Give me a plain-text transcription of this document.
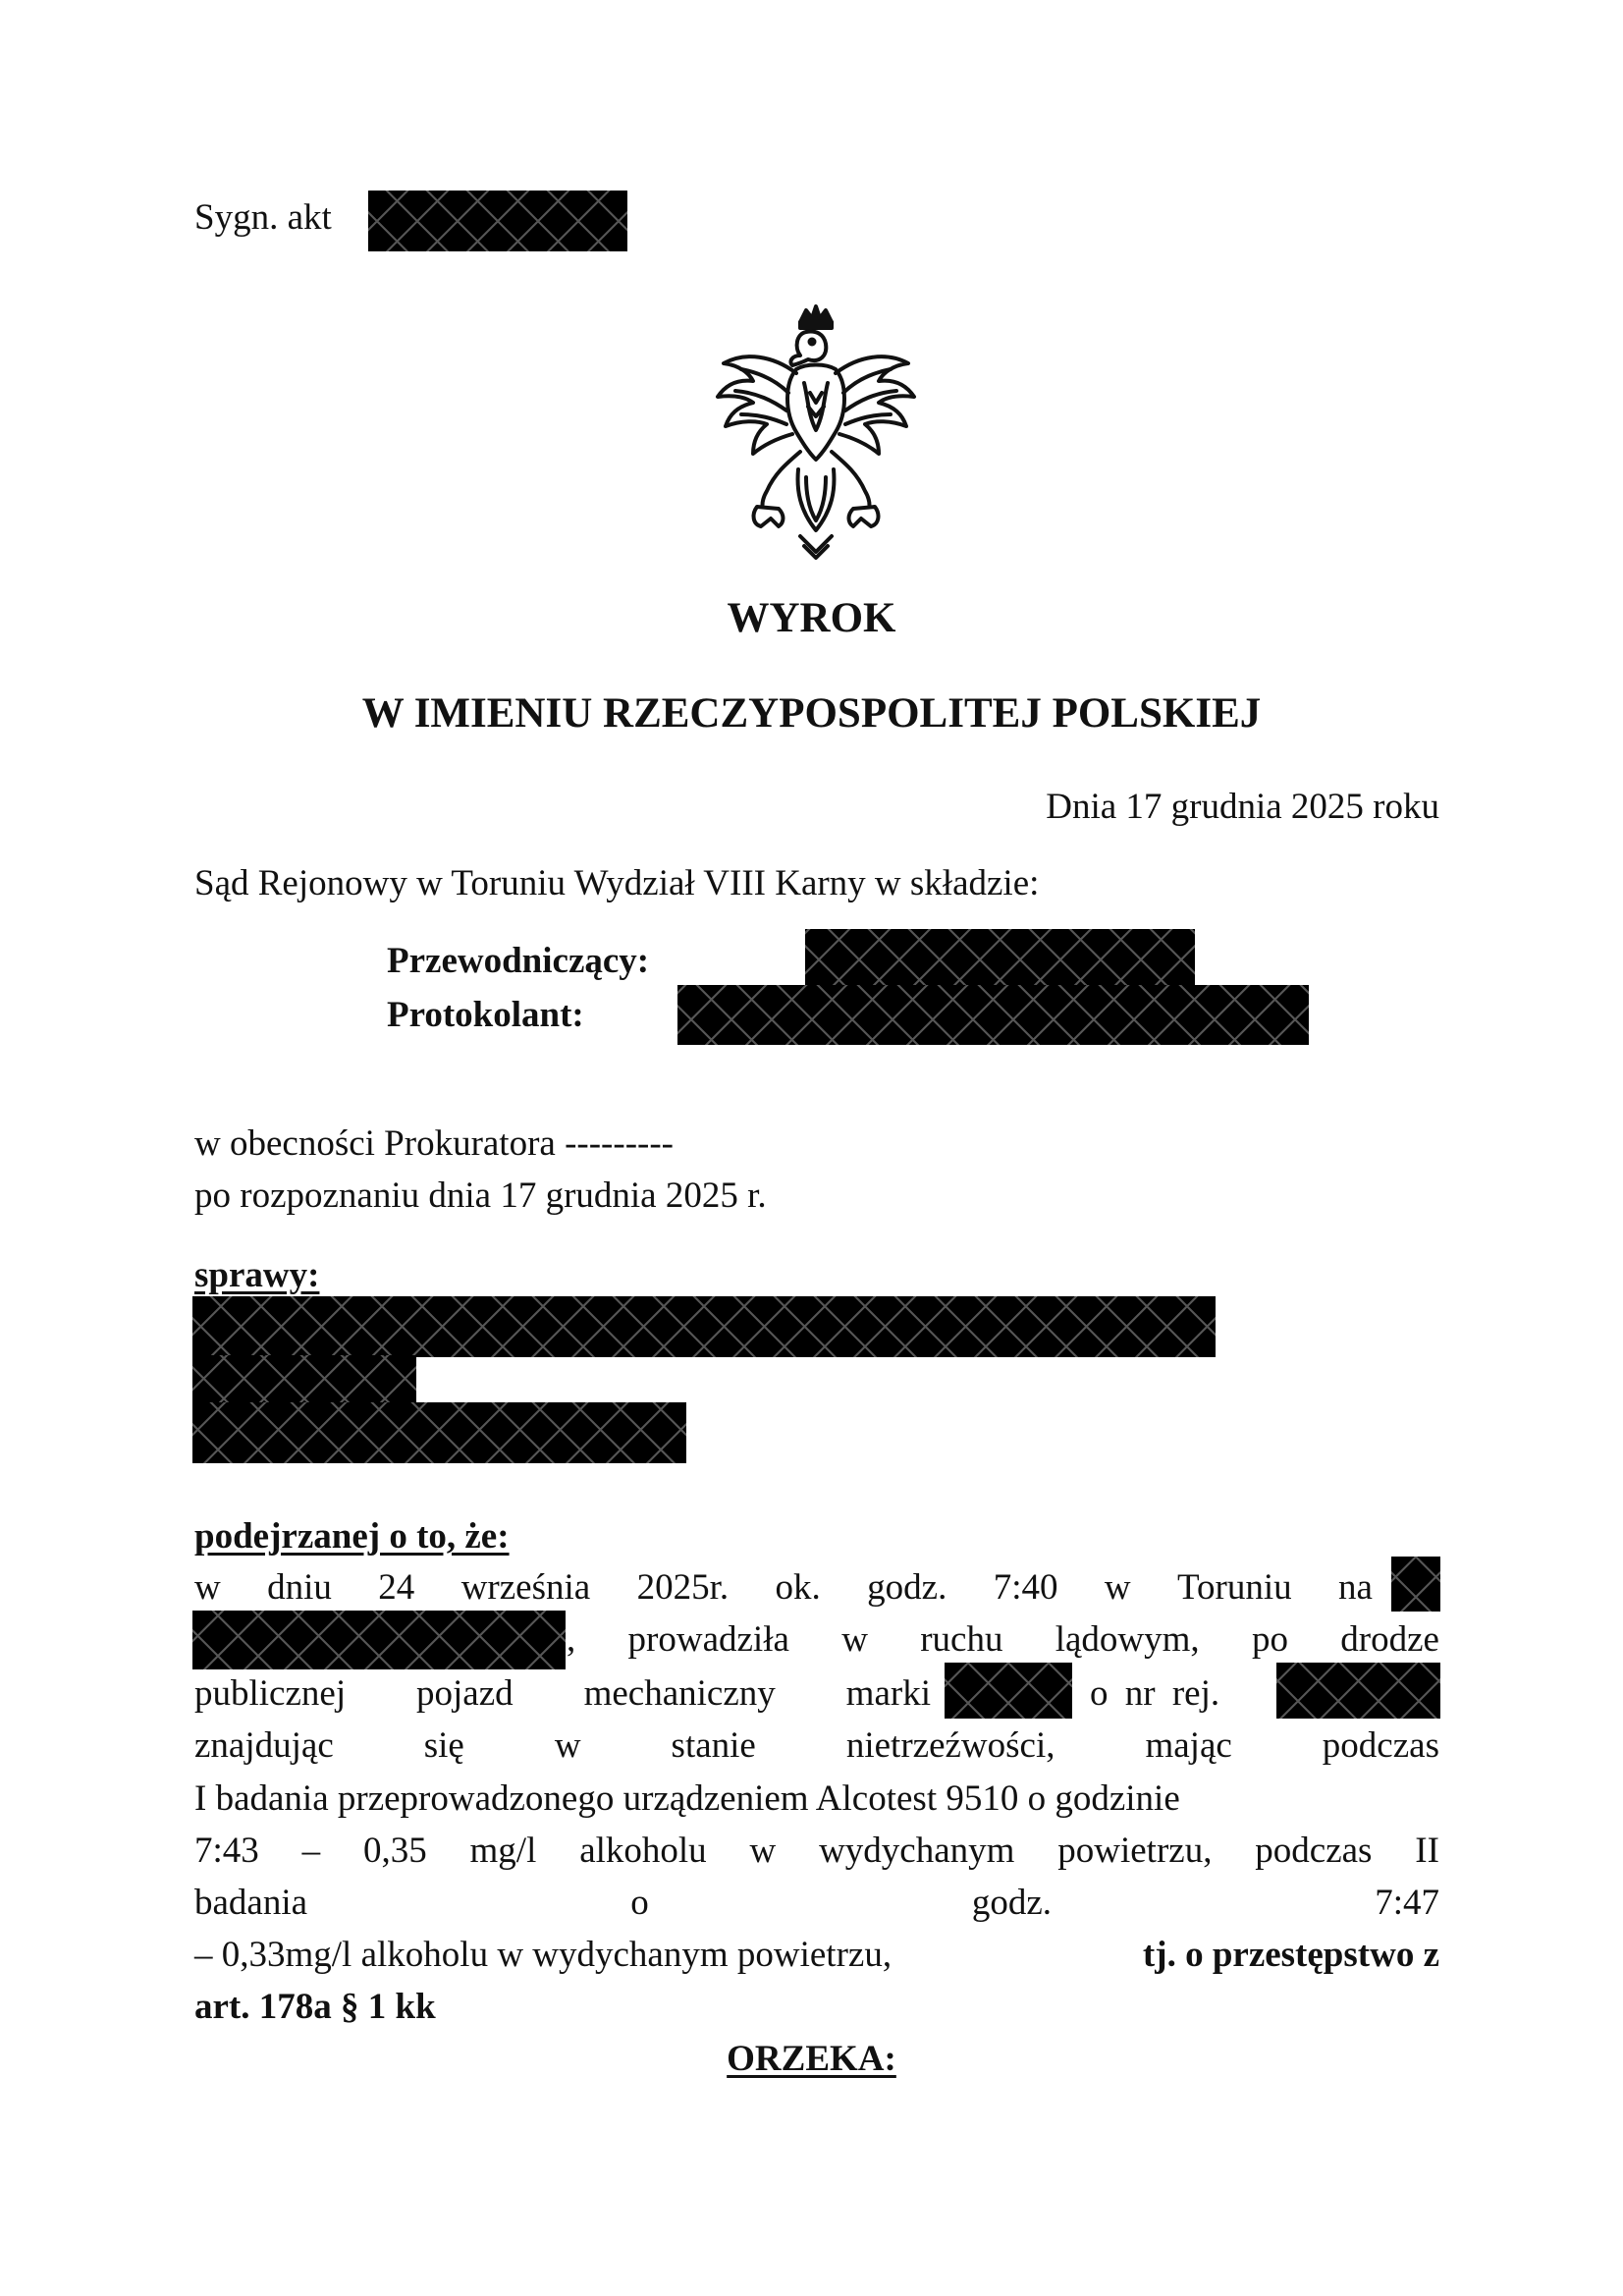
Sygn. akt
WYROK
W IMIENIU RZECZYPOSPOLITEJ POLSKIEJ
Dnia 17 grudnia 2025 roku
Sąd Rejonowy w Toruniu Wydział VIII Karny w składzie:
Przewodniczący:
Protokolant:
w obecności Prokuratora ---------
po rozpoznaniu dnia 17 grudnia 2025 r.
sprawy:
podejrzanej o to, że:
w dniu 24 września 2025r. ok. godz. 7:40 w Toruniu na
, prowadziła w ruchu lądowym, po drodze
publicznej pojazd mechaniczny marki	o nr rej.
znajdując się w stanie nietrzeźwości, mając podczas
I badania przeprowadzonego urządzeniem Alcotest 9510 o godzinie
7:43 – 0,35 mg/l alkoholu w wydychanym powietrzu, podczas II
badania	o	godz.	7:47
– 0,33mg/l alkoholu w wydychanym powietrzu,	tj. o przestępstwo z
art. 178a § 1 kk
ORZEKA:
